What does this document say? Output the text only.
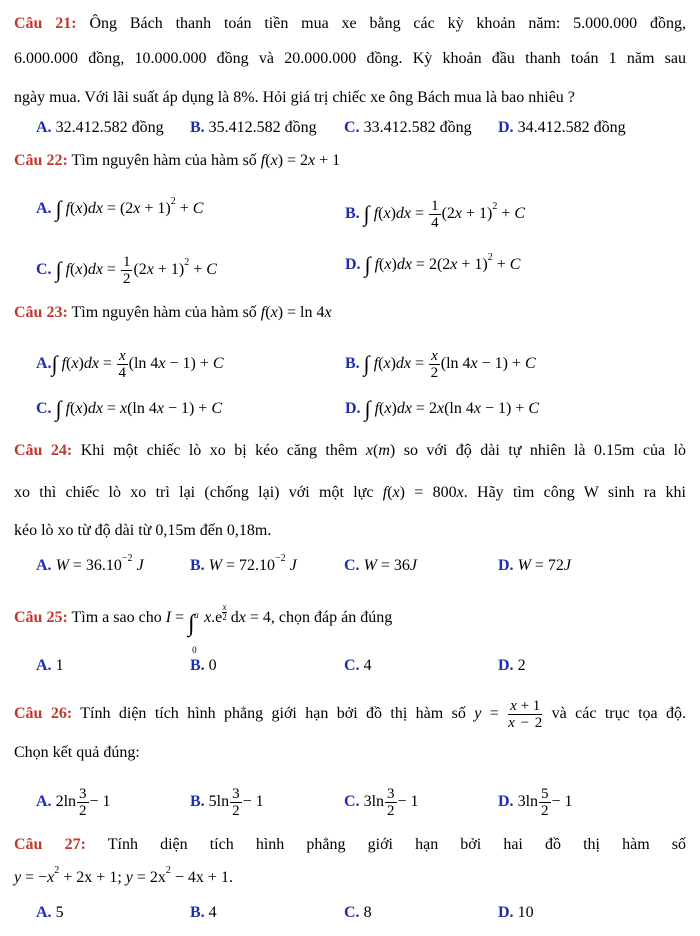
Câu 21: Ông Bách thanh toán tiền mua xe bằng các kỳ khoản năm: 5.000.000 đồng,
6.000.000 đồng, 10.000.000 đồng và 20.000.000 đồng. Kỳ khoản đầu thanh toán 1 năm sau
ngày mua. Với lãi suất áp dụng là 8%. Hỏi giá trị chiếc xe ông Bách mua là bao nhiêu ?
A. 32.412.582 đồng B. 35.412.582 đồng C. 33.412.582 đồng D. 34.412.582 đồng
Câu 22: Tìm nguyên hàm của hàm số f(x) = 2x + 1
A. ∫ $f(x)dx = (2x + 1)^2 + C$	B. ∫ $f(x)dx = \frac{1}{4} (2x + 1)^2 + C$
C. ∫ $f(x)dx = \frac{1}{2} (2x + 1)^2 + C$	D. ∫ $f(x)dx = 2(2x + 1)^2 + C$
Câu 23: Tìm nguyên hàm của hàm số f(x) = ln 4x
A.∫ $f(x)dx = \frac{x}{4} (\ln$ 4x − 1) + C	B. ∫ $f(x)dx = \frac{x}{2} (\ln$ 4x − 1) + C
C. ∫ f(x)dx = x(ln 4x − 1) + C	D. ∫ f(x)dx = 2x(ln 4x − 1) + C
Câu 24: Khi một chiếc lò xo bị kéo căng thêm x(m) so với độ dài tự nhiên là 0.15m của lò
xo thì chiếc lò xo trì lại (chống lại) với một lực f(x) = 800x. Hãy tìm công W sinh ra khi
kéo lò xo từ độ dài từ 0,15m đến 0,18m.
A. $W = 36.10^{-2}$ J	B. $W = 72.10^{-2}$ J	C. W = 36J	D. W = 72J
Câu 25: Tìm a sao cho I = ∫ a
0
$x.e \frac{x}{2}$ dx = 4, chọn đáp án đúng
A. 1	B. 0	C. 4	D. 2
Câu 26: Tính diện tích hình phẳng giới hạn bởi đồ thị hàm số $y = \frac{x + 1}{x - 2}$ và các trục tọa độ.
Chọn kết quả đúng:
A. $2\ln \frac{3}{2} - 1$	B. $5\ln \frac{3}{2} - 1$	C. $3\ln \frac{3}{2} - 1$	D. $3\ln \frac{5}{2} - 1$
Câu 27: Tính diện tích hình phẳng giới hạn bởi hai đồ thị hàm số
$y = -x^2 + 2x + 1$; $y = 2x^2 - 4x + 1$.
A. 5	B. 4	C. 8	D. 10
